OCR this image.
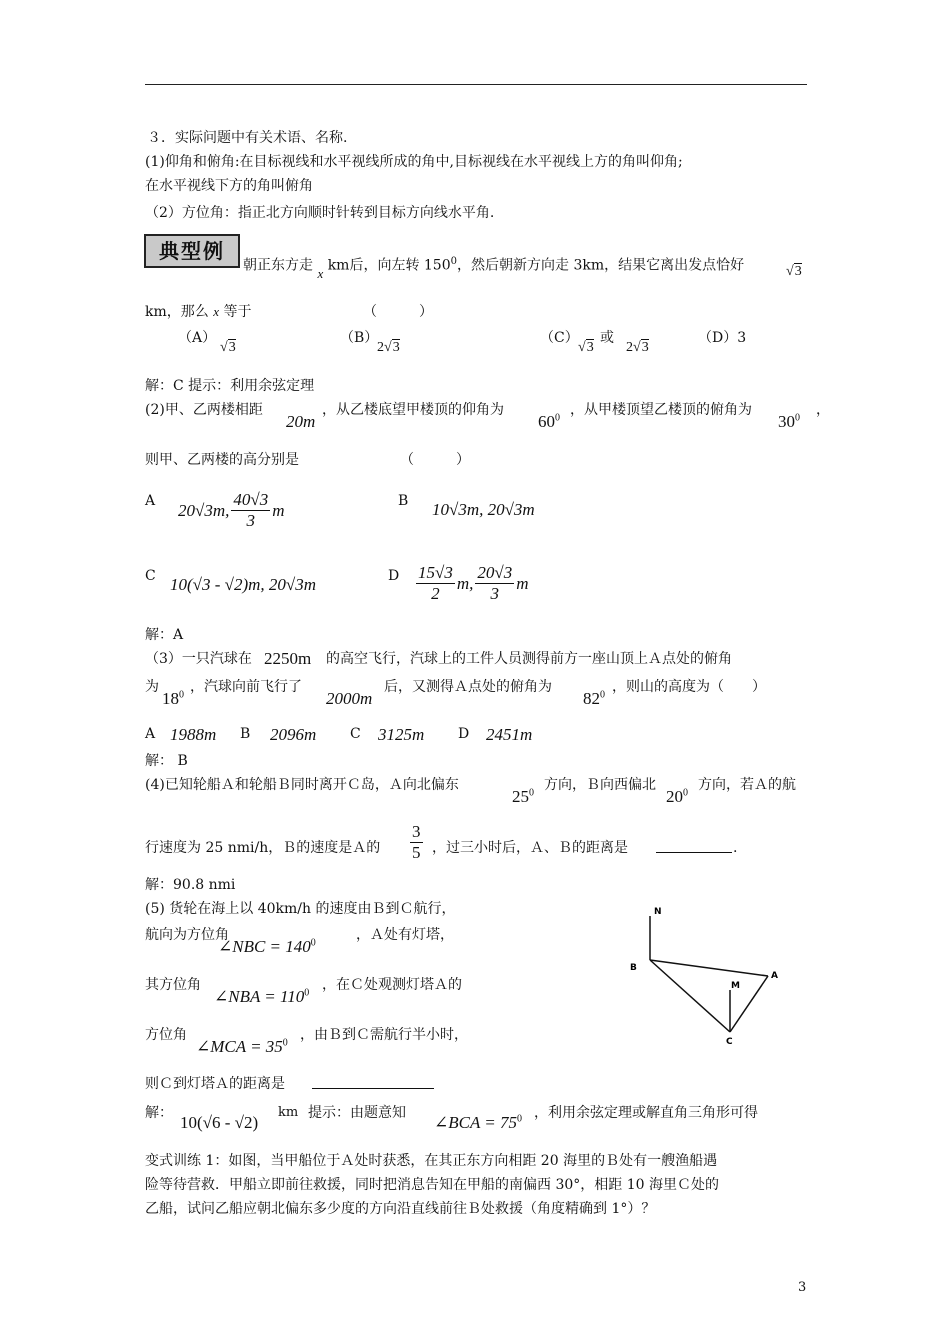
３．实际问题中有关术语、名称.
(1)仰角和俯角:在目标视线和水平视线所成的角中,目标视线在水平视线上方的角叫仰角;
在水平视线下方的角叫俯角
（2）方位角：指正北方向顺时针转到目标方向线水平角.
典型例
朝正东方走 x km后，向左转 $150^0$，然后朝新方向走 3km，结果它离出发点恰好	√3
km，那么 x 等于	（　　　）
（A）
√3
（B）
2√3
（C）
√3
或
2√3
（D）3
解：C 提示：利用余弦定理
(2)甲、乙两楼相距
20m
，从乙楼底望甲楼顶的仰角为
$60^0$ ，从甲楼顶望乙楼顶的俯角为
$30^0$ ，
则甲、乙两楼的高分别是	（　　　）
A 20√3m, $\frac{40√3}{3}$ m	B 10√3m, 20√3m
C 10(√3 - √2)m, 20√3m	D $\frac{15√3}{2} m$, $\frac{20√3}{3}$ m
解：A
（3）一只汽球在 2250m 的高空飞行，汽球上的工件人员测得前方一座山顶上Ａ点处的俯角
为
$18^0$ ，汽球向前飞行了
2000m
后，又测得Ａ点处的俯角为
$82^0$ ，则山的高度为（　　）
A 1988m B 2096m C 3125m D 2451m
解： B
(4)已知轮船Ａ和轮船Ｂ同时离开Ｃ岛，Ａ向北偏东
$25^0$ 方向，Ｂ向西偏北
$20^0$ 方向，若Ａ的航
行速度为 25 nmi/h，Ｂ的速度是Ａ的 $\frac{3}{5}$ ，过三小时后，Ａ、Ｂ的距离是	.
解：90.8 nmi
(5) 货轮在海上以 40km/h 的速度由Ｂ到Ｃ航行，
航向为方位角
∠NBC = $140^0$	，Ａ处有灯塔，
其方位角
∠NBA = $110^0$ ，在Ｃ处观测灯塔Ａ的
方位角
∠MCA = $35^0$ ，由Ｂ到Ｃ需航行半小时，
则Ｃ到灯塔Ａ的距离是
解： 10(√6 - √2)
km 提示：由题意知 ∠BCA = $75^0$ ，利用余弦定理或解直角三角形可得
N
B
A
M
C
变式训练 1：如图，当甲船位于Ａ处时获悉，在其正东方向相距 20 海里的Ｂ处有一艘渔船遇
险等待营救．甲船立即前往救援，同时把消息告知在甲船的南偏西 30°，相距 10 海里Ｃ处的
乙船，试问乙船应朝北偏东多少度的方向沿直线前往Ｂ处救援（角度精确到 1°）？
3
